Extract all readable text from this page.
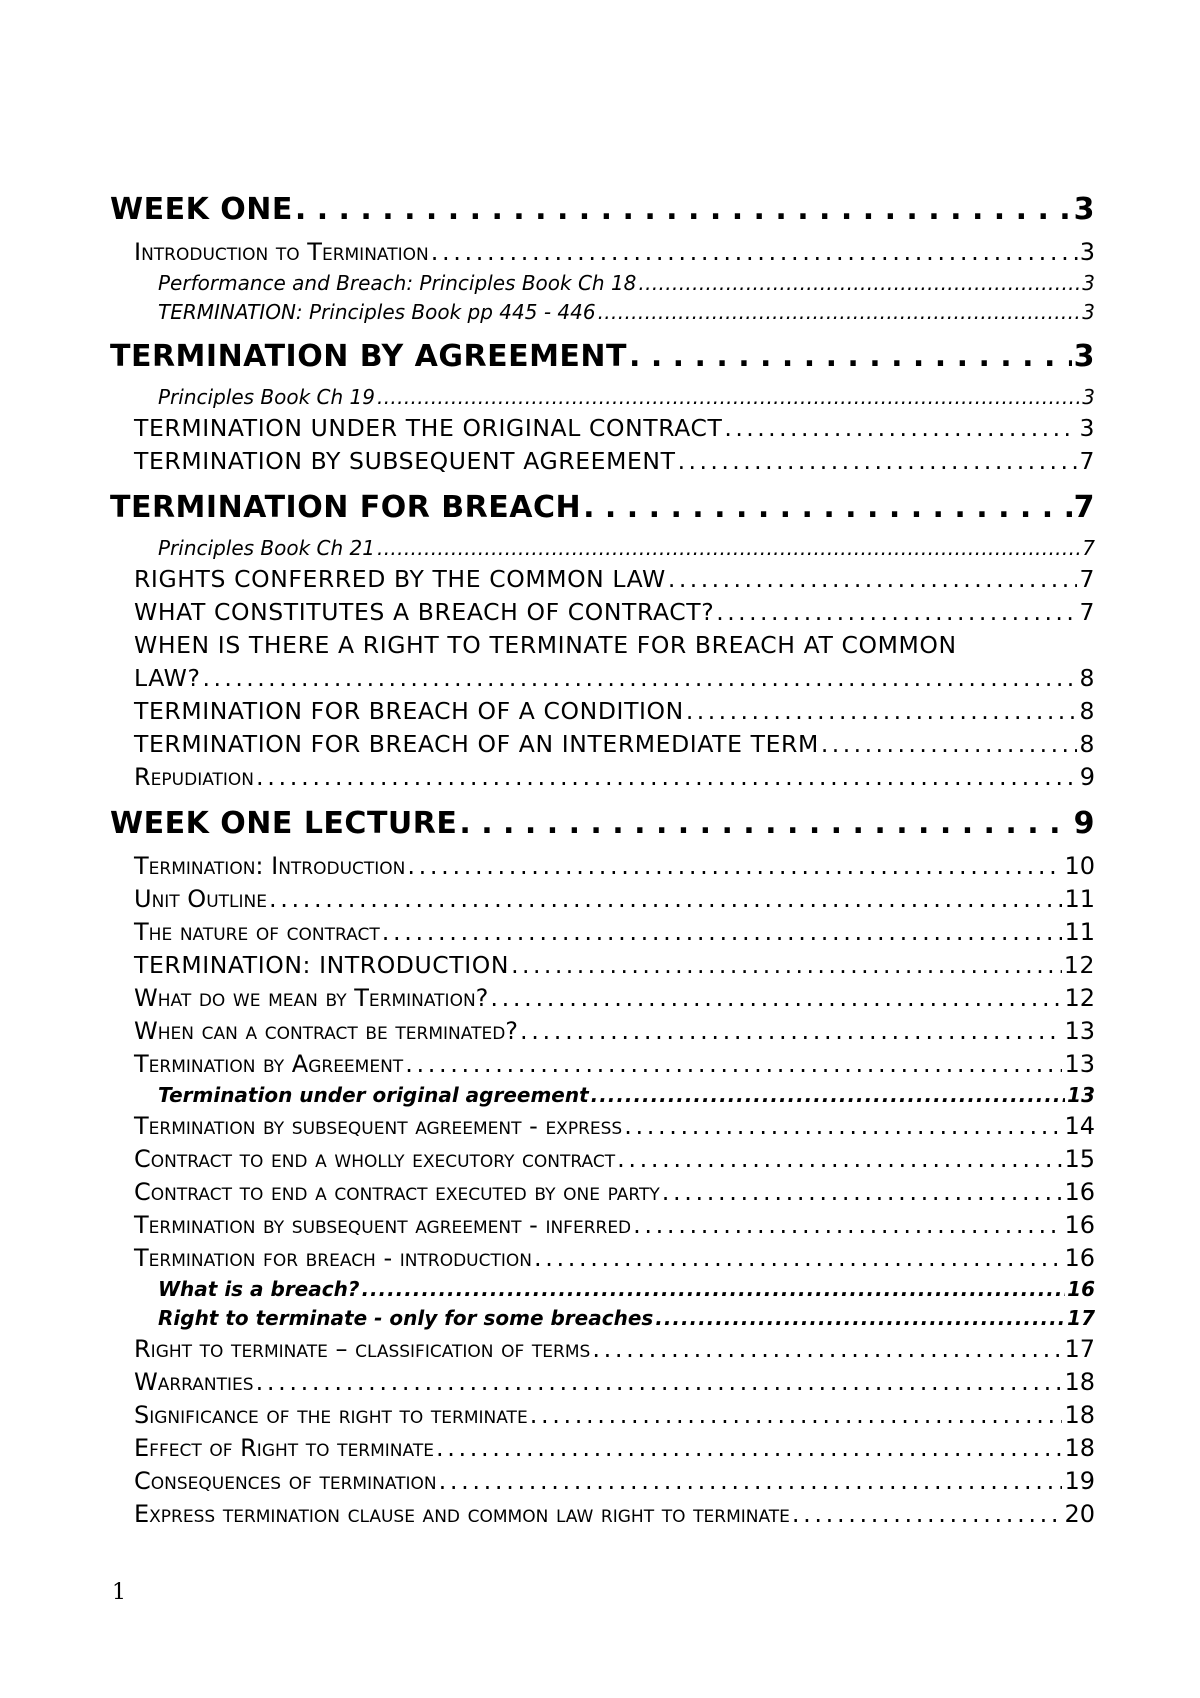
WEEK ONE . . .	3
Introduction to Termination . . .	3
Performance and Breach: Principles Book Ch 18 . . .	3
TERMINATION: Principles Book pp 445 - 446 . . .	3
TERMINATION BY AGREEMENT . . .	3
Principles Book Ch 19 . . .	3
TERMINATION UNDER THE ORIGINAL CONTRACT . . .	3
TERMINATION BY SUBSEQUENT AGREEMENT . . .	7
TERMINATION FOR BREACH . . .	7
Principles Book Ch 21 . . .	7
RIGHTS CONFERRED BY THE COMMON LAW . . .	7
WHAT CONSTITUTES A BREACH OF CONTRACT? . . .	7
WHEN IS THERE A RIGHT TO TERMINATE FOR BREACH AT COMMON
LAW? . . .	8
TERMINATION FOR BREACH OF A CONDITION . . .	8
TERMINATION FOR BREACH OF AN INTERMEDIATE TERM . . .	8
Repudiation . . .	9
WEEK ONE LECTURE . . .	9
Termination: Introduction . . .	10
Unit Outline . . .	11
The nature of contract . . .	11
TERMINATION: INTRODUCTION . . .	12
What do we mean by Termination? . . .	12
When can a contract be terminated? . . .	13
Termination by Agreement . . .	13
Termination under original agreement . . .	13
Termination by subsequent agreement - express . . .	14
Contract to end a wholly executory contract . . .	15
Contract to end a contract executed by one party . . .	16
Termination by subsequent agreement - inferred . . .	16
Termination for breach - introduction . . .	16
What is a breach? . . .	16
Right to terminate - only for some breaches . . .	17
Right to terminate – classification of terms . . .	17
Warranties . . .	18
Significance of the right to terminate . . .	18
Effect of Right to terminate . . .	18
Consequences of termination . . .	19
Express termination clause and common law right to terminate . . .	20
1
